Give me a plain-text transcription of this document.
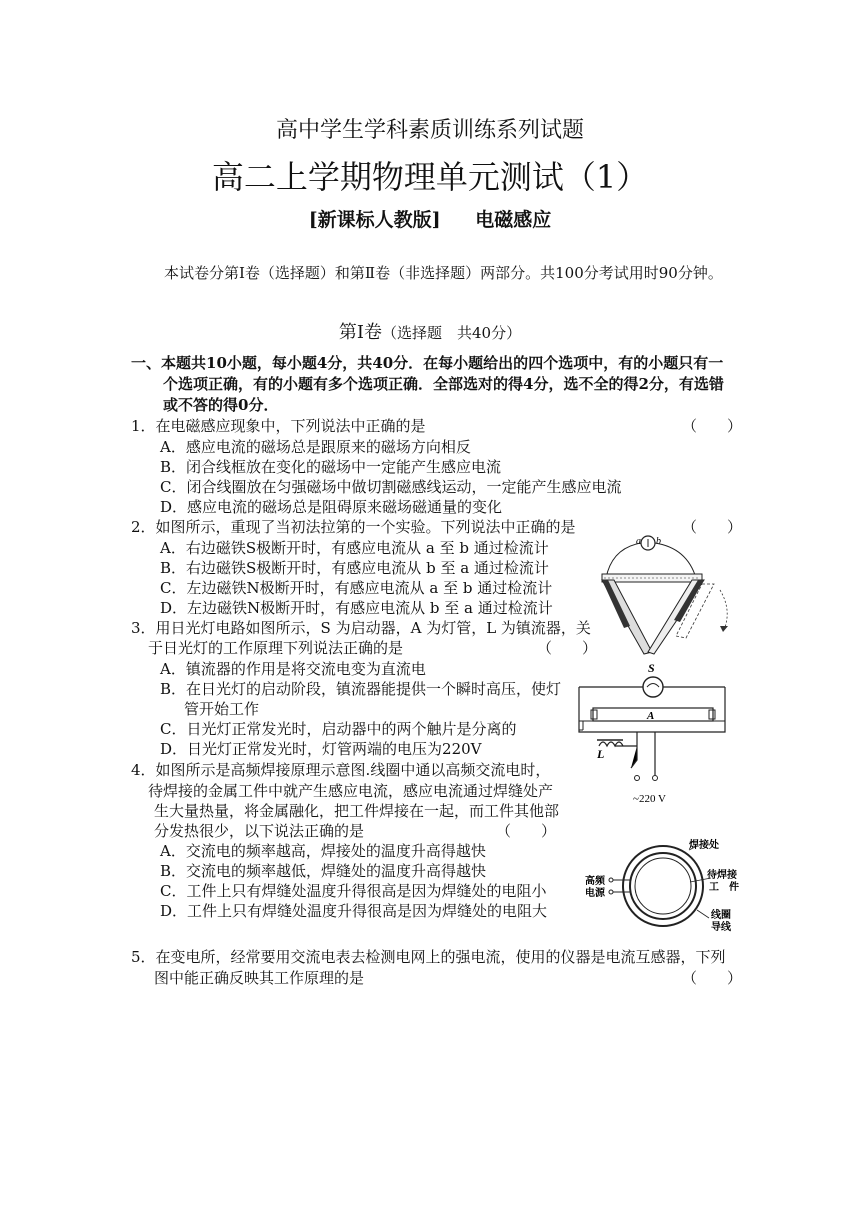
高中学生学科素质训练系列试题
高二上学期物理单元测试（1）
[新课标人教版] 电磁感应
本试卷分第Ⅰ卷（选择题）和第Ⅱ卷（非选择题）两部分。共100分考试用时90分钟。
第Ⅰ卷（选择题　共40分）
一、本题共10小题，每小题4分，共40分．在每小题给出的四个选项中，有的小题只有一
个选项正确，有的小题有多个选项正确．全部选对的得4分，选不全的得2分，有选错
或不答的得0分．
1．在电磁感应现象中，下列说法中正确的是	（　　）
A．感应电流的磁场总是跟原来的磁场方向相反
B．闭合线框放在变化的磁场中一定能产生感应电流
C．闭合线圈放在匀强磁场中做切割磁感线运动，一定能产生感应电流
D．感应电流的磁场总是阻碍原来磁场磁通量的变化
2．如图所示，重现了当初法拉第的一个实验。下列说法中正确的是	（　　）
A．右边磁铁S极断开时，有感应电流从 a 至 b 通过检流计
B．右边磁铁S极断开时，有感应电流从 b 至 a 通过检流计
C．左边磁铁N极断开时，有感应电流从 a 至 b 通过检流计
D．左边磁铁N极断开时，有感应电流从 b 至 a 通过检流计
a b
3．用日光灯电路如图所示，S 为启动器，A 为灯管，L 为镇流器，关
于日光灯的工作原理下列说法正确的是	（　　）
A．镇流器的作用是将交流电变为直流电
B．在日光灯的启动阶段，镇流器能提供一个瞬时高压，使灯
管开始工作
C．日光灯正常发光时，启动器中的两个触片是分离的
D．日光灯正常发光时，灯管两端的电压为220V
S
A
L
~220 V
4．如图所示是高频焊接原理示意图.线圈中通以高频交流电时，
待焊接的金属工件中就产生感应电流，感应电流通过焊缝处产
生大量热量，将金属融化，把工件焊接在一起，而工件其他部
分发热很少，以下说法正确的是	（　　）
A．交流电的频率越高，焊接处的温度升高得越快
B．交流电的频率越低，焊缝处的温度升高得越快
C．工件上只有焊缝处温度升得很高是因为焊缝处的电阻小
D．工件上只有焊缝处温度升得很高是因为焊缝处的电阻大
焊接处
待焊接
工　件
高频
电源
线圈
导线
5．在变电所，经常要用交流电表去检测电网上的强电流，使用的仪器是电流互感器，下列
图中能正确反映其工作原理的是	（　　）
